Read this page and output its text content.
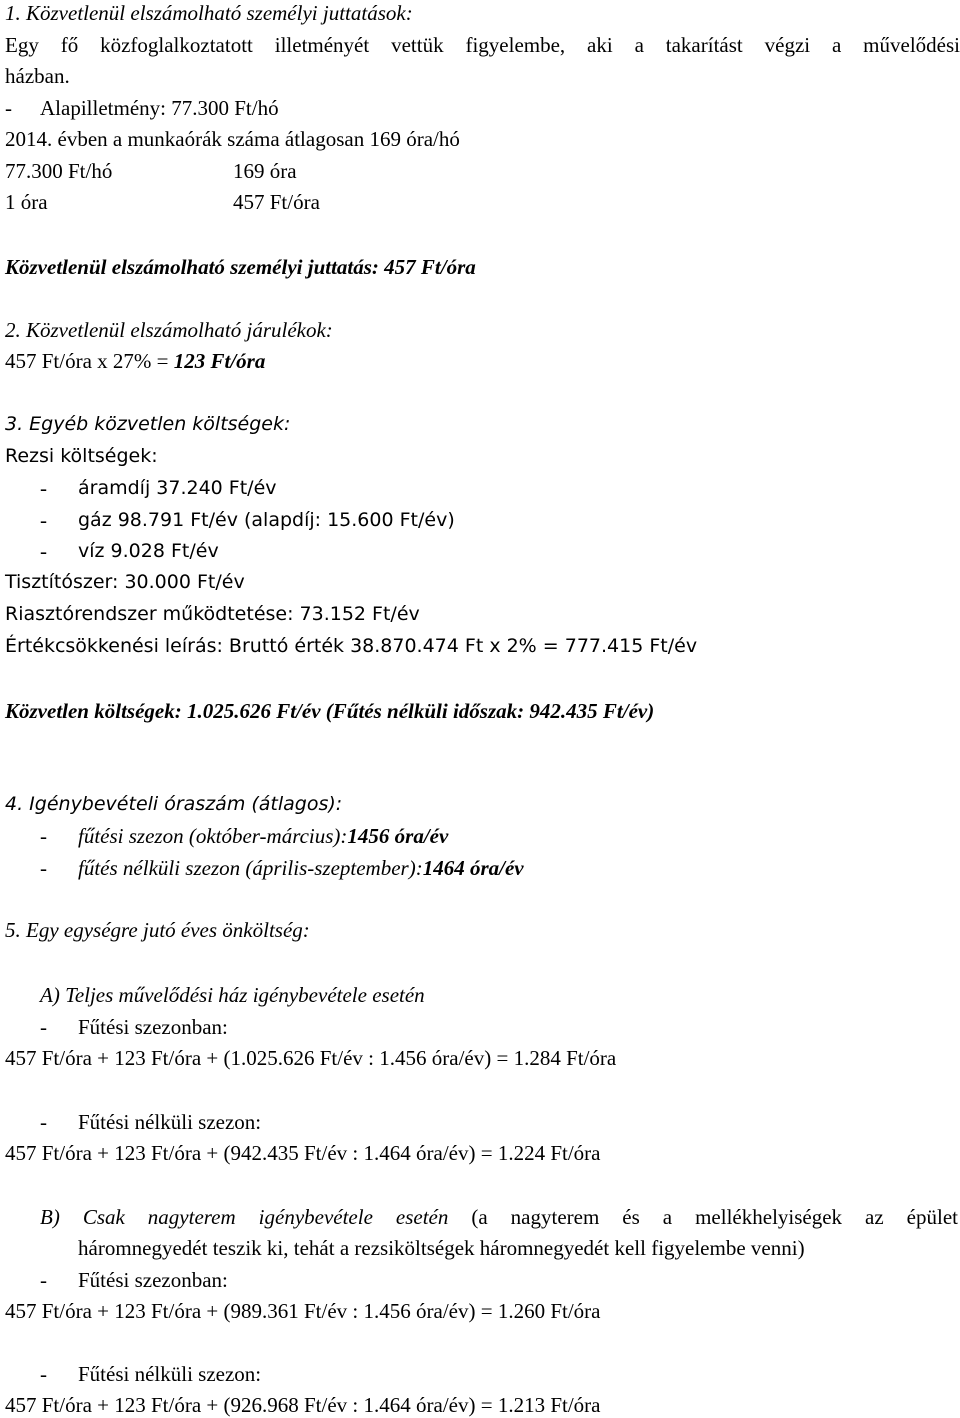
1. Közvetlenül elszámolható személyi juttatások:
Egy fő közfoglalkoztatott illetményét vettük figyelembe, aki a takarítást végzi a művelődési
házban.
- Alapilletmény: 77.300 Ft/hó
2014. évben a munkaórák száma átlagosan 169 óra/hó
77.300 Ft/hó	169 óra
1 óra	457 Ft/óra
Közvetlenül elszámolható személyi juttatás: 457 Ft/óra
2. Közvetlenül elszámolható járulékok:
457 Ft/óra x 27% = 123 Ft/óra
3. Egyéb közvetlen költségek:
Rezsi költségek:
- áramdíj 37.240 Ft/év
- gáz 98.791 Ft/év (alapdíj: 15.600 Ft/év)
- víz 9.028 Ft/év
Tisztítószer: 30.000 Ft/év
Riasztórendszer működtetése: 73.152 Ft/év
Értékcsökkenési leírás: Bruttó érték 38.870.474 Ft x 2% = 777.415 Ft/év
Közvetlen költségek: 1.025.626 Ft/év (Fűtés nélküli időszak: 942.435 Ft/év)
4. Igénybevételi óraszám (átlagos):
- fűtési szezon (október-március):1456 óra/év
- fűtés nélküli szezon (április-szeptember):1464 óra/év
5. Egy egységre jutó éves önköltség:
A) Teljes művelődési ház igénybevétele esetén
- Fűtési szezonban:
457 Ft/óra + 123 Ft/óra + (1.025.626 Ft/év : 1.456 óra/év) = 1.284 Ft/óra
- Fűtési nélküli szezon:
457 Ft/óra + 123 Ft/óra + (942.435 Ft/év : 1.464 óra/év) = 1.224 Ft/óra
B) Csak nagyterem igénybevétele esetén (a nagyterem és a mellékhelyiségek az épület
háromnegyedét teszik ki, tehát a rezsiköltségek háromnegyedét kell figyelembe venni)
- Fűtési szezonban:
457 Ft/óra + 123 Ft/óra + (989.361 Ft/év : 1.456 óra/év) = 1.260 Ft/óra
- Fűtési nélküli szezon:
457 Ft/óra + 123 Ft/óra + (926.968 Ft/év : 1.464 óra/év) = 1.213 Ft/óra
